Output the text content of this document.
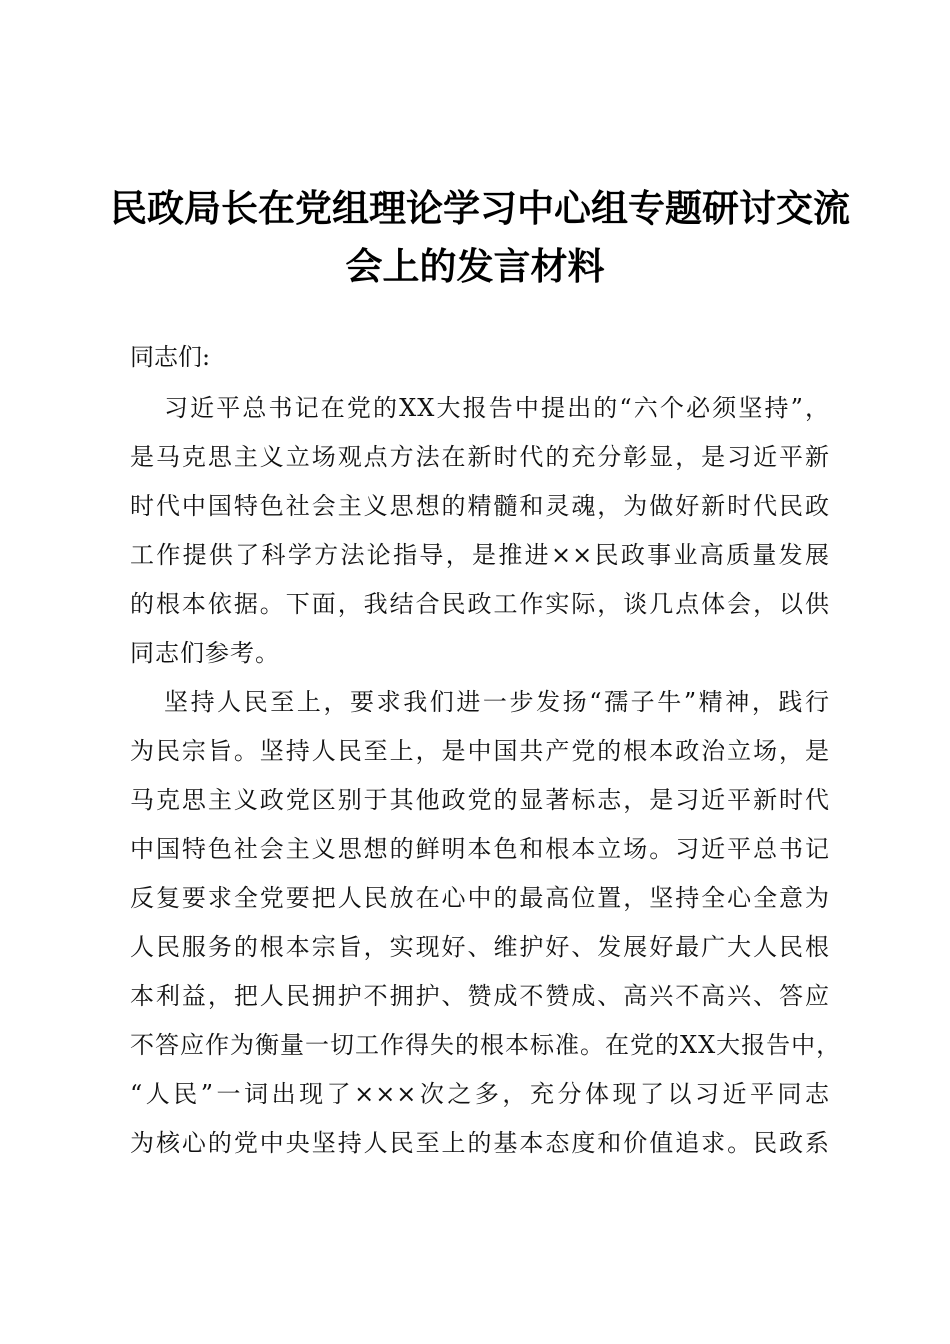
民政局长在党组理论学习中心组专题研讨交流
会上的发言材料

同志们:

习近平总书记在党的XX大报告中提出的“六个必须坚持”，

是马克思主义立场观点方法在新时代的充分彰显，是习近平新

时代中国特色社会主义思想的精髓和灵魂，为做好新时代民政

工作提供了科学方法论指导，是推进××民政事业高质量发展

的根本依据。下面，我结合民政工作实际，谈几点体会，以供

同志们参考。

坚持人民至上，要求我们进一步发扬“孺子牛”精神，践行

为民宗旨。坚持人民至上，是中国共产党的根本政治立场，是

马克思主义政党区别于其他政党的显著标志，是习近平新时代

中国特色社会主义思想的鲜明本色和根本立场。习近平总书记

反复要求全党要把人民放在心中的最高位置，坚持全心全意为

人民服务的根本宗旨，实现好、维护好、发展好最广大人民根

本利益，把人民拥护不拥护、赞成不赞成、高兴不高兴、答应

不答应作为衡量一切工作得失的根本标准。在党的XX大报告中，

“人民”一词出现了×××次之多，充分体现了以习近平同志

为核心的党中央坚持人民至上的基本态度和价值追求。民政系
